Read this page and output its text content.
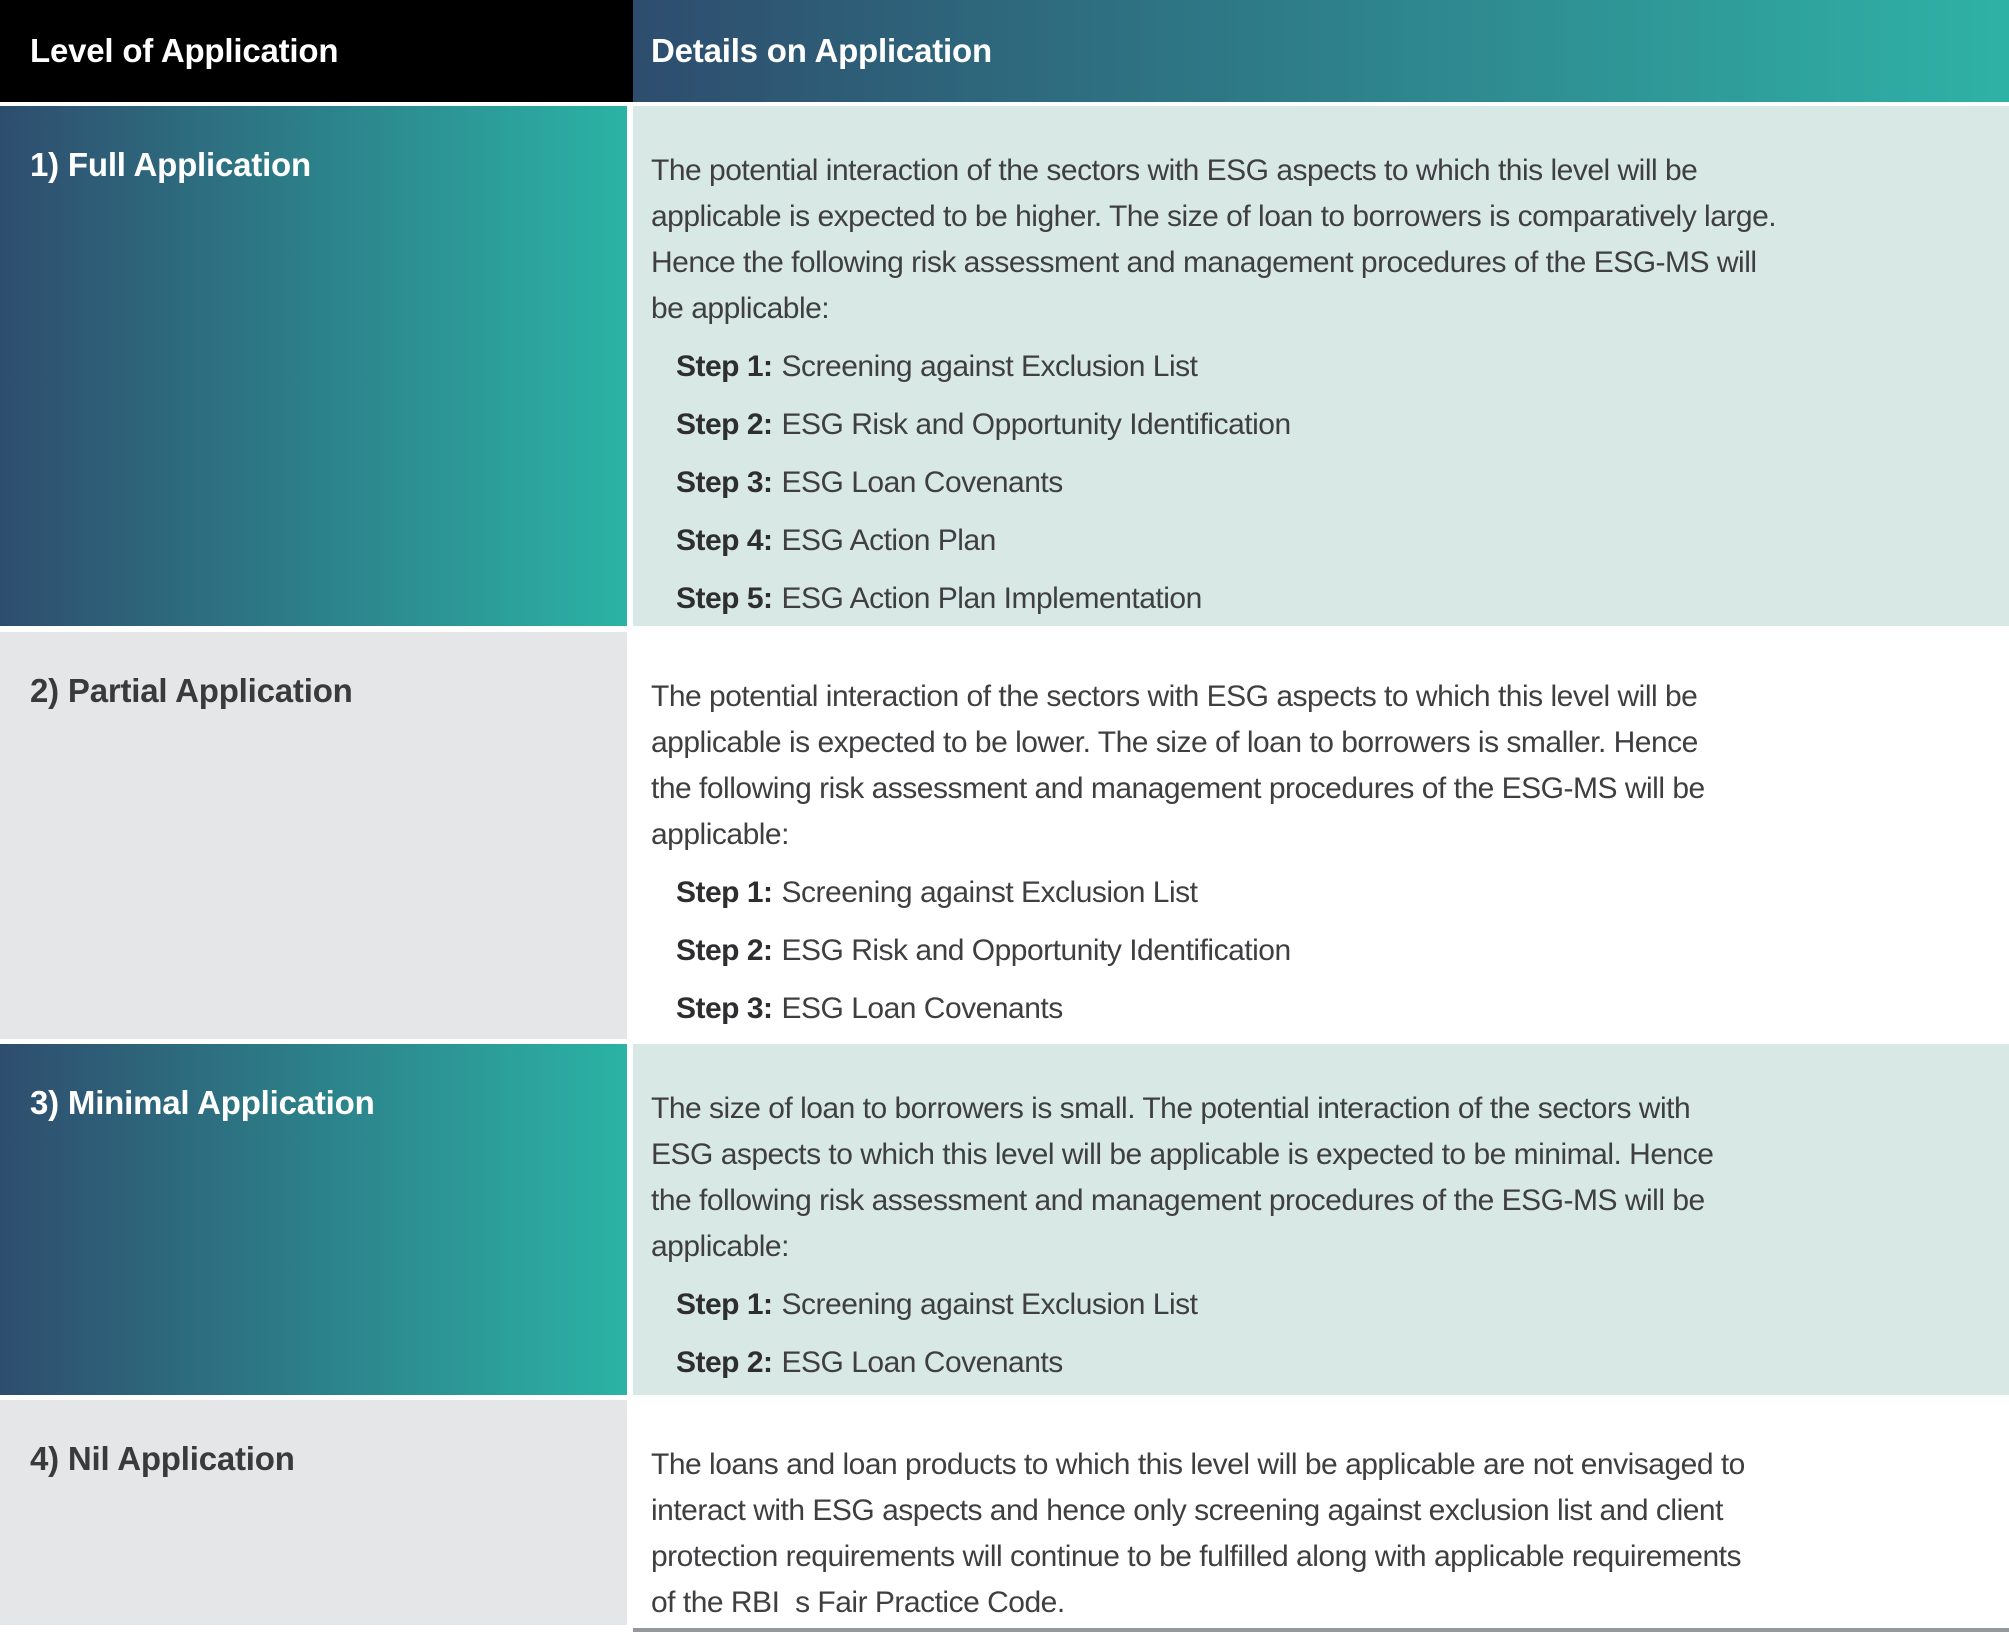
Level of Application	Details on Application
1) Full Application	The potential interaction of the sectors with ESG aspects to which this level will be
applicable is expected to be higher. The size of loan to borrowers is comparatively large.
Hence the following risk assessment and management procedures of the ESG-MS will
be applicable:
Step 1: Screening against Exclusion List
Step 2: ESG Risk and Opportunity Identification
Step 3: ESG Loan Covenants
Step 4: ESG Action Plan
Step 5: ESG Action Plan Implementation
2) Partial Application	The potential interaction of the sectors with ESG aspects to which this level will be
applicable is expected to be lower. The size of loan to borrowers is smaller. Hence
the following risk assessment and management procedures of the ESG-MS will be
applicable:
Step 1: Screening against Exclusion List
Step 2: ESG Risk and Opportunity Identification
Step 3: ESG Loan Covenants
3) Minimal Application	The size of loan to borrowers is small. The potential interaction of the sectors with
ESG aspects to which this level will be applicable is expected to be minimal. Hence
the following risk assessment and management procedures of the ESG-MS will be
applicable:
Step 1: Screening against Exclusion List
Step 2: ESG Loan Covenants
4) Nil Application	The loans and loan products to which this level will be applicable are not envisaged to
interact with ESG aspects and hence only screening against exclusion list and client
protection requirements will continue to be fulfilled along with applicable requirements
of the RBI  s Fair Practice Code.
